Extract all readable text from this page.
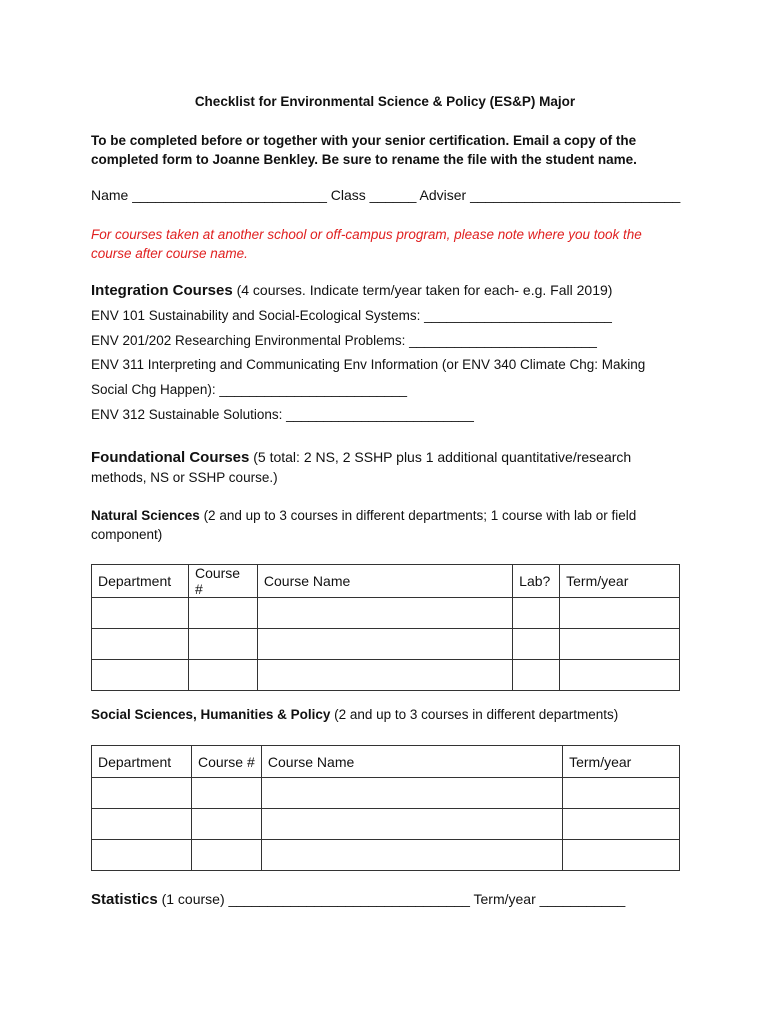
Checklist for Environmental Science & Policy (ES&P) Major
To be completed before or together with your senior certification. Email a copy of the
completed form to Joanne Benkley. Be sure to rename the file with the student name.
Name _________________________ Class ______ Adviser ___________________________
For courses taken at another school or off-campus program, please note where you took the
course after course name.
Integration Courses (4 courses. Indicate term/year taken for each- e.g. Fall 2019)
ENV 101 Sustainability and Social-Ecological Systems: _________________________
ENV 201/202 Researching Environmental Problems: _________________________
ENV 311 Interpreting and Communicating Env Information (or ENV 340 Climate Chg: Making
Social Chg Happen): _________________________
ENV 312 Sustainable Solutions: _________________________
Foundational Courses (5 total: 2 NS, 2 SSHP plus 1 additional quantitative/research
methods, NS or SSHP course.)
Natural Sciences (2 and up to 3 courses in different departments; 1 course with lab or field
component)
Department	Course #	Course Name	Lab?	Term/year

Social Sciences, Humanities & Policy (2 and up to 3 courses in different departments)
Department	Course #	Course Name	Term/year

Statistics (1 course) _______________________________ Term/year ___________
